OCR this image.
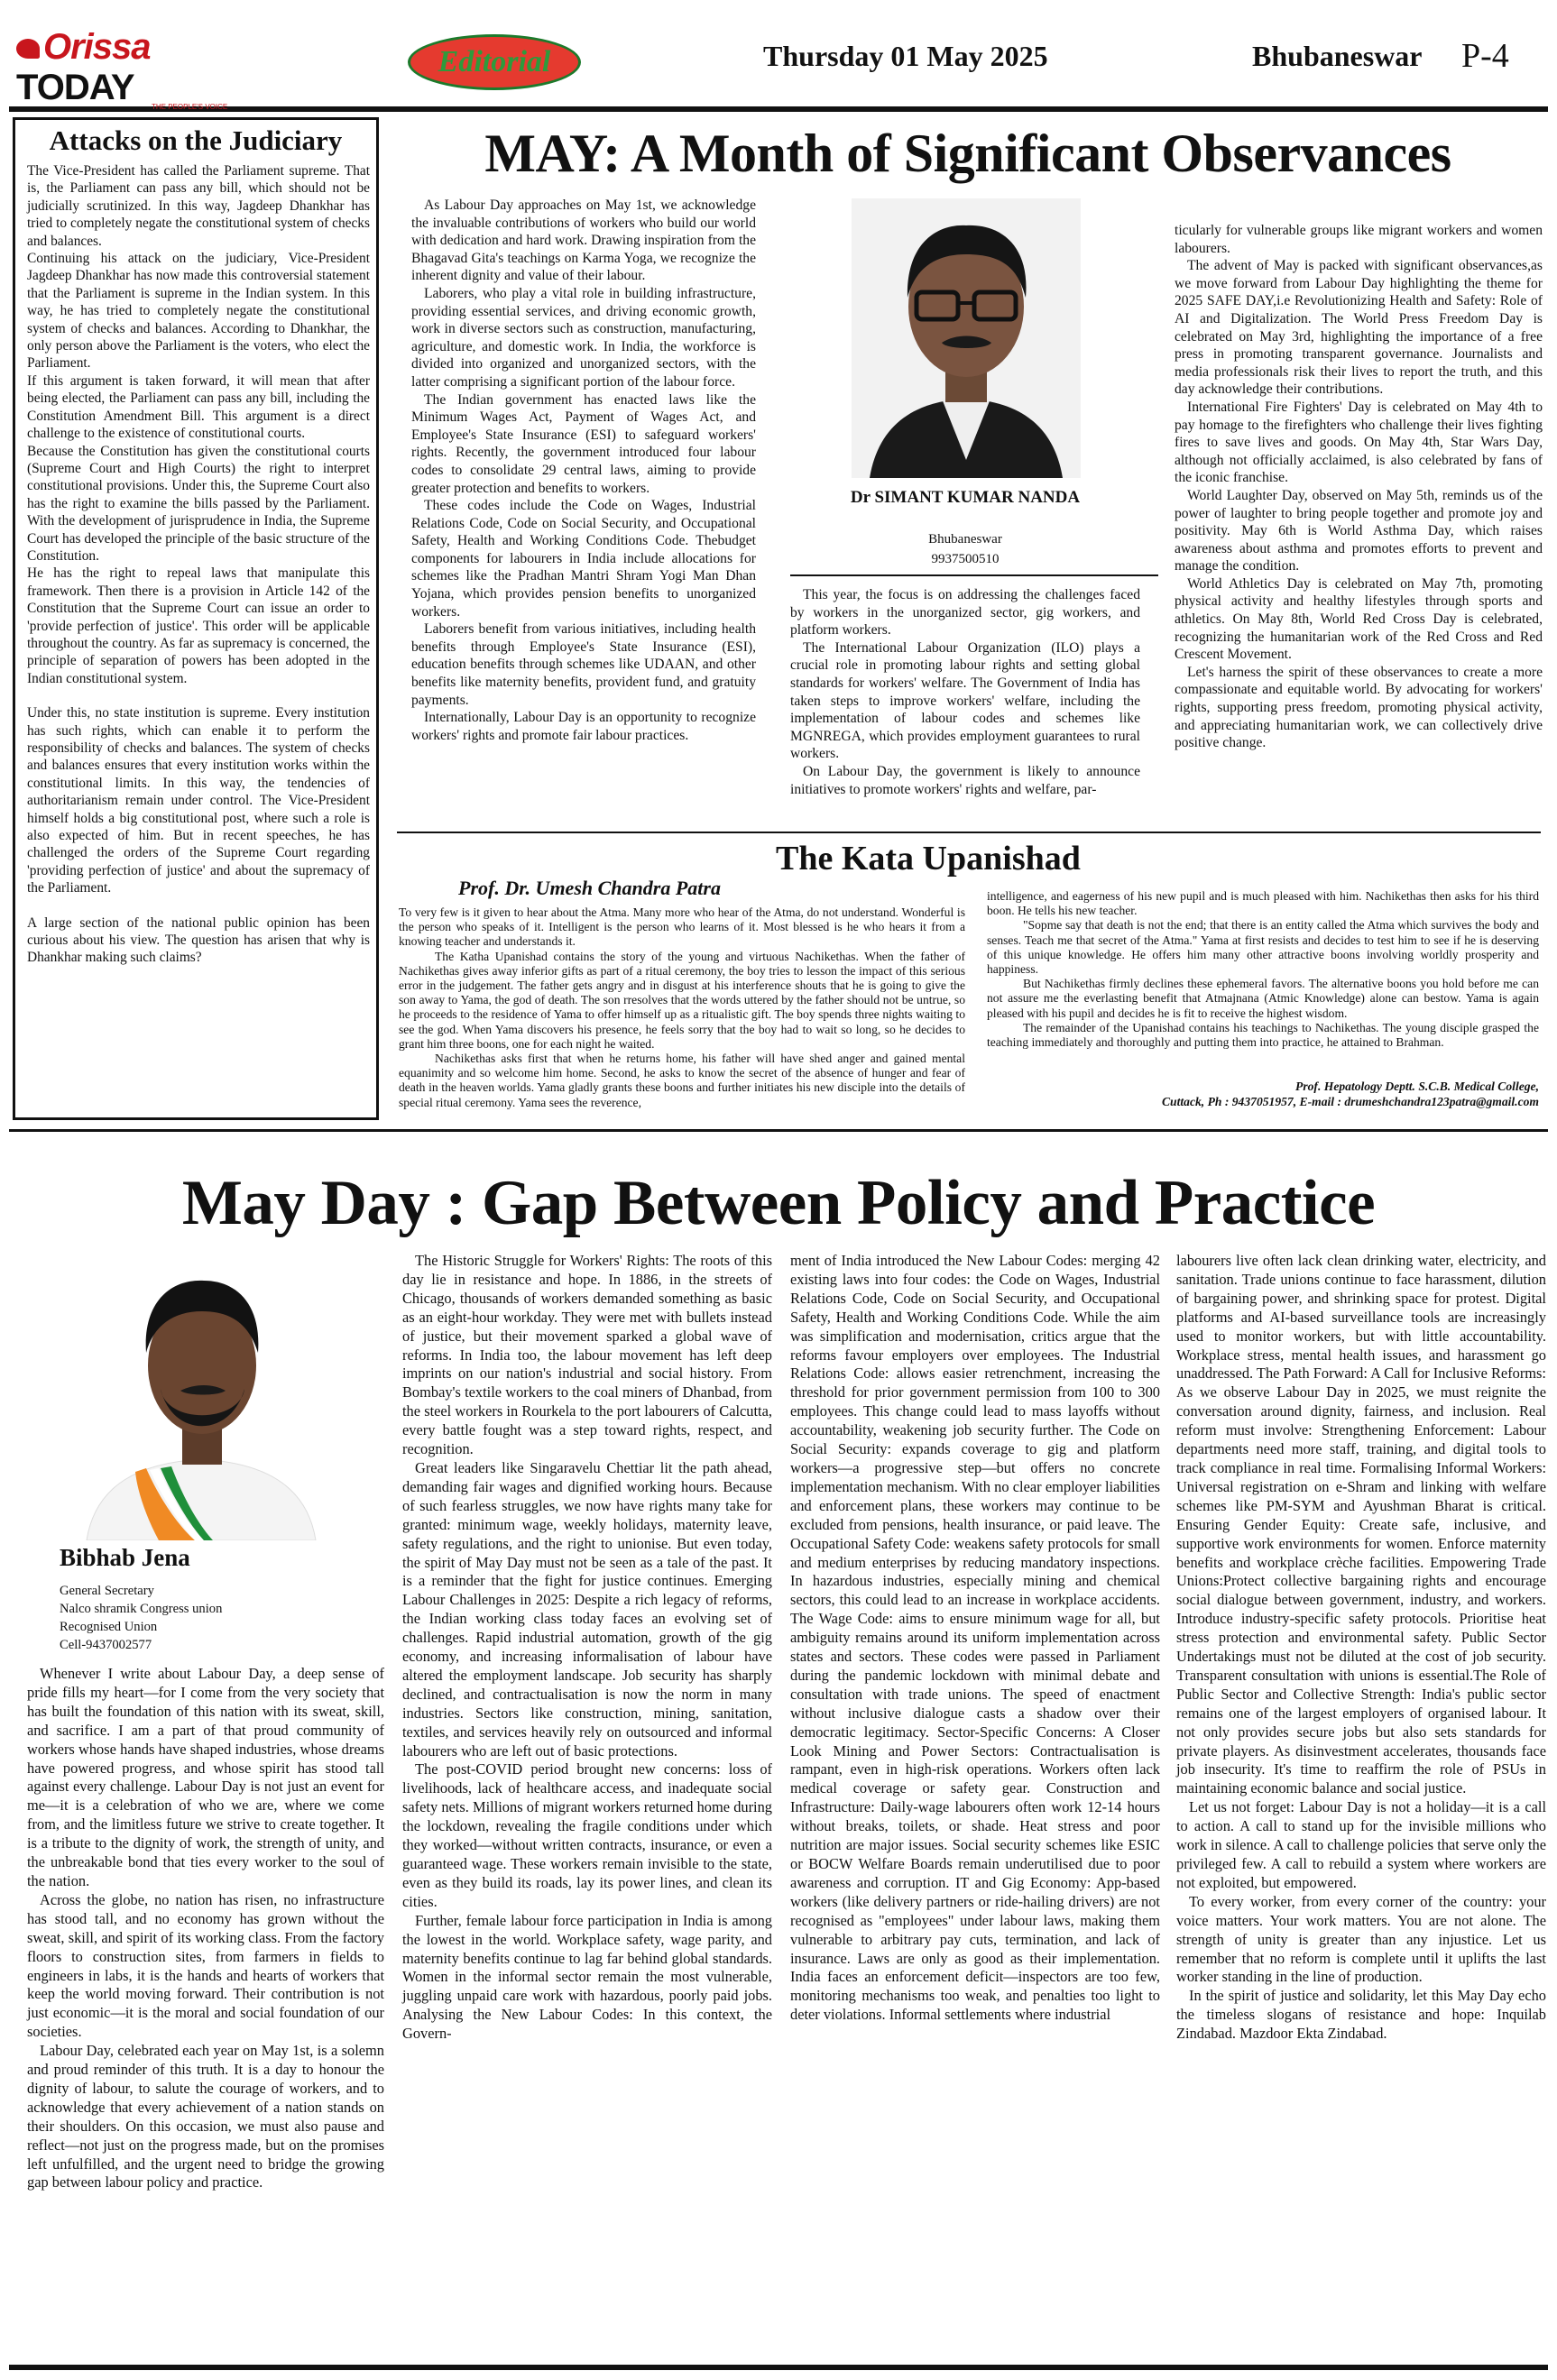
Orissa TODAY	THE PEOPLE'S VOICE
Editorial	Thursday 01 May 2025	Bhubaneswar P-4
Attacks on the Judiciary

The Vice-President has called the Parliament supreme. That is, the Parliament can pass any bill, which should not be judicially scrutinized. In this way, Jagdeep Dhankhar has tried to completely negate the constitutional system of checks and balances.

Continuing his attack on the judiciary, Vice-President Jagdeep Dhankhar has now made this controversial statement that the Parliament is supreme in the Indian system. In this way, he has tried to completely negate the constitutional system of checks and balances. According to Dhankhar, the only person above the Parliament is the voters, who elect the Parliament.

If this argument is taken forward, it will mean that after being elected, the Parliament can pass any bill, including the Constitution Amendment Bill. This argument is a direct challenge to the existence of constitutional courts.

Because the Constitution has given the constitutional courts (Supreme Court and High Courts) the right to interpret constitutional provisions. Under this, the Supreme Court also has the right to examine the bills passed by the Parliament. With the development of jurisprudence in India, the Supreme Court has developed the principle of the basic structure of the Constitution.

He has the right to repeal laws that manipulate this framework. Then there is a provision in Article 142 of the Constitution that the Supreme Court can issue an order to 'provide perfection of justice'. This order will be applicable throughout the country. As far as supremacy is concerned, the principle of separation of powers has been adopted in the Indian constitutional system.

Under this, no state institution is supreme. Every institution has such rights, which can enable it to perform the responsibility of checks and balances. The system of checks and balances ensures that every institution works within the constitutional limits. In this way, the tendencies of authoritarianism remain under control. The Vice-President himself holds a big constitutional post, where such a role is also expected of him. But in recent speeches, he has challenged the orders of the Supreme Court regarding 'providing perfection of justice' and about the supremacy of the Parliament.

A large section of the national public opinion has been curious about his view. The question has arisen that why is Dhankhar making such claims?

MAY: A Month of Significant Observances

As Labour Day approaches on May 1st, we acknowledge the invaluable contributions of workers who build our world with dedication and hard work. Drawing inspiration from the Bhagavad Gita's teachings on Karma Yoga, we recognize the inherent dignity and value of their labour.

Laborers, who play a vital role in building infrastructure, providing essential services, and driving economic growth, work in diverse sectors such as construction, manufacturing, agriculture, and domestic work. In India, the workforce is divided into organized and unorganized sectors, with the latter comprising a significant portion of the labour force.

The Indian government has enacted laws like the Minimum Wages Act, Payment of Wages Act, and Employee's State Insurance (ESI) to safeguard workers' rights. Recently, the government introduced four labour codes to consolidate 29 central laws, aiming to provide greater protection and benefits to workers.

These codes include the Code on Wages, Industrial Relations Code, Code on Social Security, and Occupational Safety, Health and Working Conditions Code. Thebudget components for labourers in India include allocations for schemes like the Pradhan Mantri Shram Yogi Man Dhan Yojana, which provides pension benefits to unorganized workers.

Laborers benefit from various initiatives, including health benefits through Employee's State Insurance (ESI), education benefits through schemes like UDAAN, and other benefits like maternity benefits, provident fund, and gratuity payments.

Internationally, Labour Day is an opportunity to recognize workers' rights and promote fair labour practices.

Dr SIMANT KUMAR NANDA
Bhubaneswar
9937500510

This year, the focus is on addressing the challenges faced by workers in the unorganized sector, gig workers, and platform workers.

The International Labour Organization (ILO) plays a crucial role in promoting labour rights and setting global standards for workers' welfare. The Government of India has taken steps to improve workers' welfare, including the implementation of labour codes and schemes like MGNREGA, which provides employment guarantees to rural workers.

On Labour Day, the government is likely to announce initiatives to promote workers' rights and welfare, par-

ticularly for vulnerable groups like migrant workers and women labourers.

The advent of May is packed with significant observances,as we move forward from Labour Day highlighting the theme for 2025 SAFE DAY,i.e Revolutionizing Health and Safety: Role of AI and Digitalization. The World Press Freedom Day is celebrated on May 3rd, highlighting the importance of a free press in promoting transparent governance. Journalists and media professionals risk their lives to report the truth, and this day acknowledge their contributions.

International Fire Fighters' Day is celebrated on May 4th to pay homage to the firefighters who challenge their lives fighting fires to save lives and goods. On May 4th, Star Wars Day, although not officially acclaimed, is also celebrated by fans of the iconic franchise.

World Laughter Day, observed on May 5th, reminds us of the power of laughter to bring people together and promote joy and positivity. May 6th is World Asthma Day, which raises awareness about asthma and promotes efforts to prevent and manage the condition.

World Athletics Day is celebrated on May 7th, promoting physical activity and healthy lifestyles through sports and athletics. On May 8th, World Red Cross Day is celebrated, recognizing the humanitarian work of the Red Cross and Red Crescent Movement.

Let's harness the spirit of these observances to create a more compassionate and equitable world. By advocating for workers' rights, supporting press freedom, promoting physical activity, and appreciating humanitarian work, we can collectively drive positive change.

The Kata Upanishad
Prof. Dr. Umesh Chandra Patra

To very few is it given to hear about the Atma. Many more who hear of the Atma, do not understand. Wonderful is the person who speaks of it. Intelligent is the person who learns of it. Most blessed is he who hears it from a knowing teacher and understands it.

The Katha Upanishad contains the story of the young and virtuous Nachikethas. When the father of Nachikethas gives away inferior gifts as part of a ritual ceremony, the boy tries to lesson the impact of this serious error in the judgement. The father gets angry and in disgust at his interference shouts that he is going to give the son away to Yama, the god of death. The son rresolves that the words uttered by the father should not be untrue, so he proceeds to the residence of Yama to offer himself up as a ritualistic gift. The boy spends three nights waiting to see the god. When Yama discovers his presence, he feels sorry that the boy had to wait so long, so he decides to grant him three boons, one for each night he waited.

Nachikethas asks first that when he returns home, his father will have shed anger and gained mental equanimity and so welcome him home. Second, he asks to know the secret of the absence of hunger and fear of death in the heaven worlds. Yama gladly grants these boons and further initiates his new disciple into the details of special ritual ceremony. Yama sees the reverence,

intelligence, and eagerness of his new pupil and is much pleased with him. Nachikethas then asks for his third boon. He tells his new teacher.

"Sopme say that death is not the end; that there is an entity called the Atma which survives the body and senses. Teach me that secret of the Atma." Yama at first resists and decides to test him to see if he is deserving of this unique knowledge. He offers him many other attractive boons involving worldly prosperity and happiness.

But Nachikethas firmly declines these ephemeral favors. The alternative boons you hold before me can not assure me the everlasting benefit that Atmajnana (Atmic Knowledge) alone can bestow. Yama is again pleased with his pupil and decides he is fit to receive the highest wisdom.

The remainder of the Upanishad contains his teachings to Nachikethas. The young disciple grasped the teaching immediately and thoroughly and putting them into practice, he attained to Brahman.

Prof. Hepatology Deptt. S.C.B. Medical College,
Cuttack, Ph : 9437051957, E-mail : drumeshchandra123patra@gmail.com
May Day : Gap Between Policy and Practice
Bibhab Jena
General Secretary
Nalco shramik Congress union
Recognised Union
Cell-9437002577

Whenever I write about Labour Day, a deep sense of pride fills my heart—for I come from the very society that has built the foundation of this nation with its sweat, skill, and sacrifice. I am a part of that proud community of workers whose hands have shaped industries, whose dreams have powered progress, and whose spirit has stood tall against every challenge. Labour Day is not just an event for me—it is a celebration of who we are, where we come from, and the limitless future we strive to create together. It is a tribute to the dignity of work, the strength of unity, and the unbreakable bond that ties every worker to the soul of the nation.

Across the globe, no nation has risen, no infrastructure has stood tall, and no economy has grown without the sweat, skill, and spirit of its working class. From the factory floors to construction sites, from farmers in fields to engineers in labs, it is the hands and hearts of workers that keep the world moving forward. Their contribution is not just economic—it is the moral and social foundation of our societies.

Labour Day, celebrated each year on May 1st, is a solemn and proud reminder of this truth. It is a day to honour the dignity of labour, to salute the courage of workers, and to acknowledge that every achievement of a nation stands on their shoulders. On this occasion, we must also pause and reflect—not just on the progress made, but on the promises left unfulfilled, and the urgent need to bridge the growing gap between labour policy and practice.

The Historic Struggle for Workers' Rights: The roots of this day lie in resistance and hope. In 1886, in the streets of Chicago, thousands of workers demanded something as basic as an eight-hour workday. They were met with bullets instead of justice, but their movement sparked a global wave of reforms. In India too, the labour movement has left deep imprints on our nation's industrial and social history. From Bombay's textile workers to the coal miners of Dhanbad, from the steel workers in Rourkela to the port labourers of Calcutta, every battle fought was a step toward rights, respect, and recognition.

Great leaders like Singaravelu Chettiar lit the path ahead, demanding fair wages and dignified working hours. Because of such fearless struggles, we now have rights many take for granted: minimum wage, weekly holidays, maternity leave, safety regulations, and the right to unionise. But even today, the spirit of May Day must not be seen as a tale of the past. It is a reminder that the fight for justice continues. Emerging Labour Challenges in 2025: Despite a rich legacy of reforms, the Indian working class today faces an evolving set of challenges. Rapid industrial automation, growth of the gig economy, and increasing informalisation of labour have altered the employment landscape. Job security has sharply declined, and contractualisation is now the norm in many industries. Sectors like construction, mining, sanitation, textiles, and services heavily rely on outsourced and informal labourers who are left out of basic protections.

The post-COVID period brought new concerns: loss of livelihoods, lack of healthcare access, and inadequate social safety nets. Millions of migrant workers returned home during the lockdown, revealing the fragile conditions under which they worked—without written contracts, insurance, or even a guaranteed wage. These workers remain invisible to the state, even as they build its roads, lay its power lines, and clean its cities.

Further, female labour force participation in India is among the lowest in the world. Workplace safety, wage parity, and maternity benefits continue to lag far behind global standards. Women in the informal sector remain the most vulnerable, juggling unpaid care work with hazardous, poorly paid jobs. Analysing the New Labour Codes: In this context, the Govern-

ment of India introduced the New Labour Codes: merging 42 existing laws into four codes: the Code on Wages, Industrial Relations Code, Code on Social Security, and Occupational Safety, Health and Working Conditions Code. While the aim was simplification and modernisation, critics argue that the reforms favour employers over employees. The Industrial Relations Code: allows easier retrenchment, increasing the threshold for prior government permission from 100 to 300 employees. This change could lead to mass layoffs without accountability, weakening job security further. The Code on Social Security: expands coverage to gig and platform workers—a progressive step—but offers no concrete implementation mechanism. With no clear employer liabilities and enforcement plans, these workers may continue to be excluded from pensions, health insurance, or paid leave. The Occupational Safety Code: weakens safety protocols for small and medium enterprises by reducing mandatory inspections. In hazardous industries, especially mining and chemical sectors, this could lead to an increase in workplace accidents. The Wage Code: aims to ensure minimum wage for all, but ambiguity remains around its uniform implementation across states and sectors. These codes were passed in Parliament during the pandemic lockdown with minimal debate and consultation with trade unions. The speed of enactment without inclusive dialogue casts a shadow over their democratic legitimacy. Sector-Specific Concerns: A Closer Look Mining and Power Sectors: Contractualisation is rampant, even in high-risk operations. Workers often lack medical coverage or safety gear. Construction and Infrastructure: Daily-wage labourers often work 12-14 hours without breaks, toilets, or shade. Heat stress and poor nutrition are major issues. Social security schemes like ESIC or BOCW Welfare Boards remain underutilised due to poor awareness and corruption. IT and Gig Economy: App-based workers (like delivery partners or ride-hailing drivers) are not recognised as "employees" under labour laws, making them vulnerable to arbitrary pay cuts, termination, and lack of insurance. Laws are only as good as their implementation. India faces an enforcement deficit—inspectors are too few, monitoring mechanisms too weak, and penalties too light to deter violations. Informal settlements where industrial

labourers live often lack clean drinking water, electricity, and sanitation. Trade unions continue to face harassment, dilution of bargaining power, and shrinking space for protest. Digital platforms and AI-based surveillance tools are increasingly used to monitor workers, but with little accountability. Workplace stress, mental health issues, and harassment go unaddressed. The Path Forward: A Call for Inclusive Reforms: As we observe Labour Day in 2025, we must reignite the conversation around dignity, fairness, and inclusion. Real reform must involve: Strengthening Enforcement: Labour departments need more staff, training, and digital tools to track compliance in real time. Formalising Informal Workers: Universal registration on e-Shram and linking with welfare schemes like PM-SYM and Ayushman Bharat is critical. Ensuring Gender Equity: Create safe, inclusive, and supportive work environments for women. Enforce maternity benefits and workplace crèche facilities. Empowering Trade Unions:Protect collective bargaining rights and encourage social dialogue between government, industry, and workers. Introduce industry-specific safety protocols. Prioritise heat stress protection and environmental safety. Public Sector Undertakings must not be diluted at the cost of job security. Transparent consultation with unions is essential.The Role of Public Sector and Collective Strength: India's public sector remains one of the largest employers of organised labour. It not only provides secure jobs but also sets standards for private players. As disinvestment accelerates, thousands face job insecurity. It's time to reaffirm the role of PSUs in maintaining economic balance and social justice.

Let us not forget: Labour Day is not a holiday—it is a call to action. A call to stand up for the invisible millions who work in silence. A call to challenge policies that serve only the privileged few. A call to rebuild a system where workers are not exploited, but empowered.

To every worker, from every corner of the country: your voice matters. Your work matters. You are not alone. The strength of unity is greater than any injustice. Let us remember that no reform is complete until it uplifts the last worker standing in the line of production.

In the spirit of justice and solidarity, let this May Day echo the timeless slogans of resistance and hope: Inquilab Zindabad. Mazdoor Ekta Zindabad.
